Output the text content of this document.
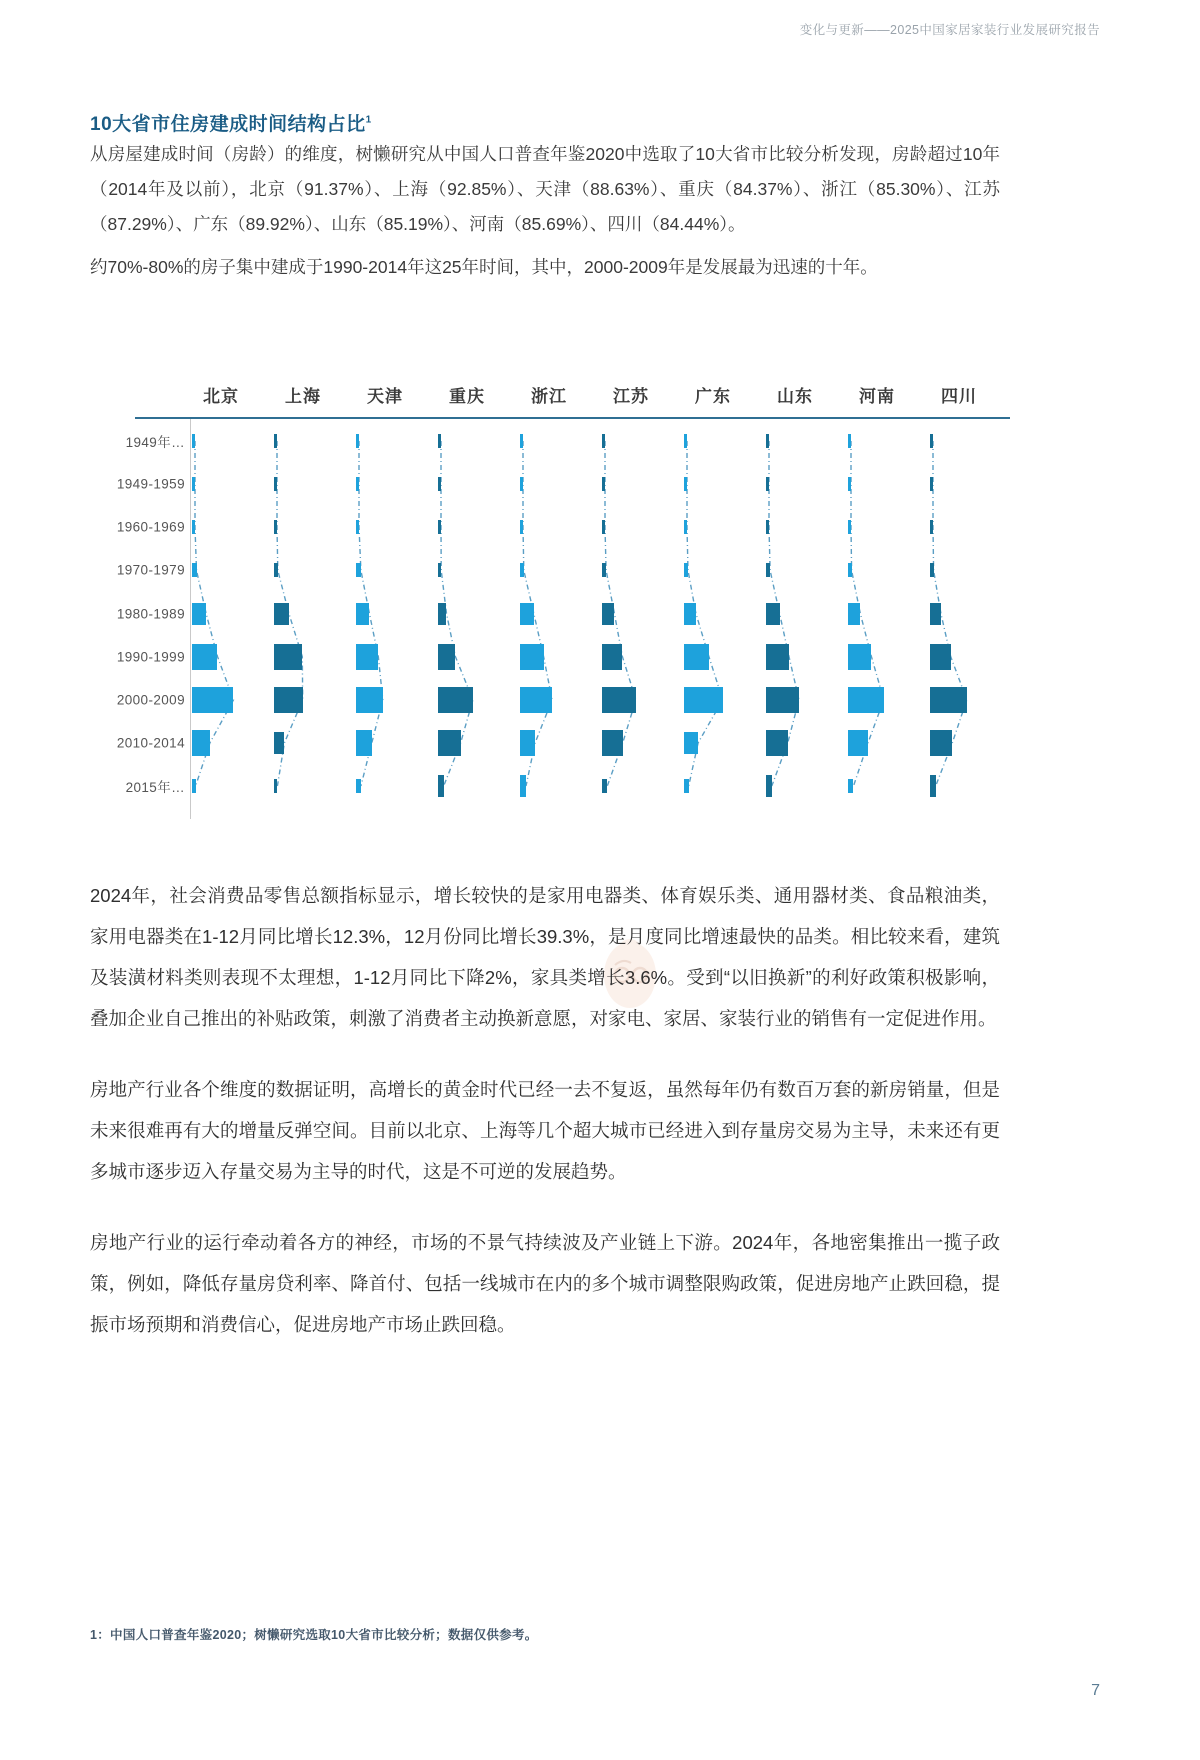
变化与更新——2025中国家居家装行业发展研究报告
10大省市住房建成时间结构占比$^1$

从房屋建成时间（房龄）的维度，树懒研究从中国人口普查年鉴2020中选取了10大省市比较分析发现，房龄超过10年（2014年及以前），北京（91.37%）、上海（92.85%）、天津（88.63%）、重庆（84.37%）、浙江（85.30%）、江苏（87.29%）、广东（89.92%）、山东（85.19%）、河南（85.69%）、四川（84.44%）。

约70%-80%的房子集中建成于1990-2014年这25年时间，其中，2000-2009年是发展最为迅速的十年。

北京	上海	天津	重庆	浙江	江苏	广东	山东	河南	四川
1949年…
1949-1959
1960-1969
1970-1979
1980-1989
1990-1999
2000-2009
2010-2014
2015年…

2024年，社会消费品零售总额指标显示，增长较快的是家用电器类、体育娱乐类、通用器材类、食品粮油类，家用电器类在1-12月同比增长12.3%，12月份同比增长39.3%，是月度同比增速最快的品类。相比较来看，建筑及装潢材料类则表现不太理想，1-12月同比下降2%，家具类增长3.6%。受到“以旧换新”的利好政策积极影响，叠加企业自己推出的补贴政策，刺激了消费者主动换新意愿，对家电、家居、家装行业的销售有一定促进作用。

房地产行业各个维度的数据证明，高增长的黄金时代已经一去不复返，虽然每年仍有数百万套的新房销量，但是未来很难再有大的增量反弹空间。目前以北京、上海等几个超大城市已经进入到存量房交易为主导，未来还有更多城市逐步迈入存量交易为主导的时代，这是不可逆的发展趋势。

房地产行业的运行牵动着各方的神经，市场的不景气持续波及产业链上下游。2024年，各地密集推出一揽子政策，例如，降低存量房贷利率、降首付、包括一线城市在内的多个城市调整限购政策，促进房地产止跌回稳，提振市场预期和消费信心，促进房地产市场止跌回稳。

1：中国人口普查年鉴2020；树懒研究选取10大省市比较分析；数据仅供参考。
7
